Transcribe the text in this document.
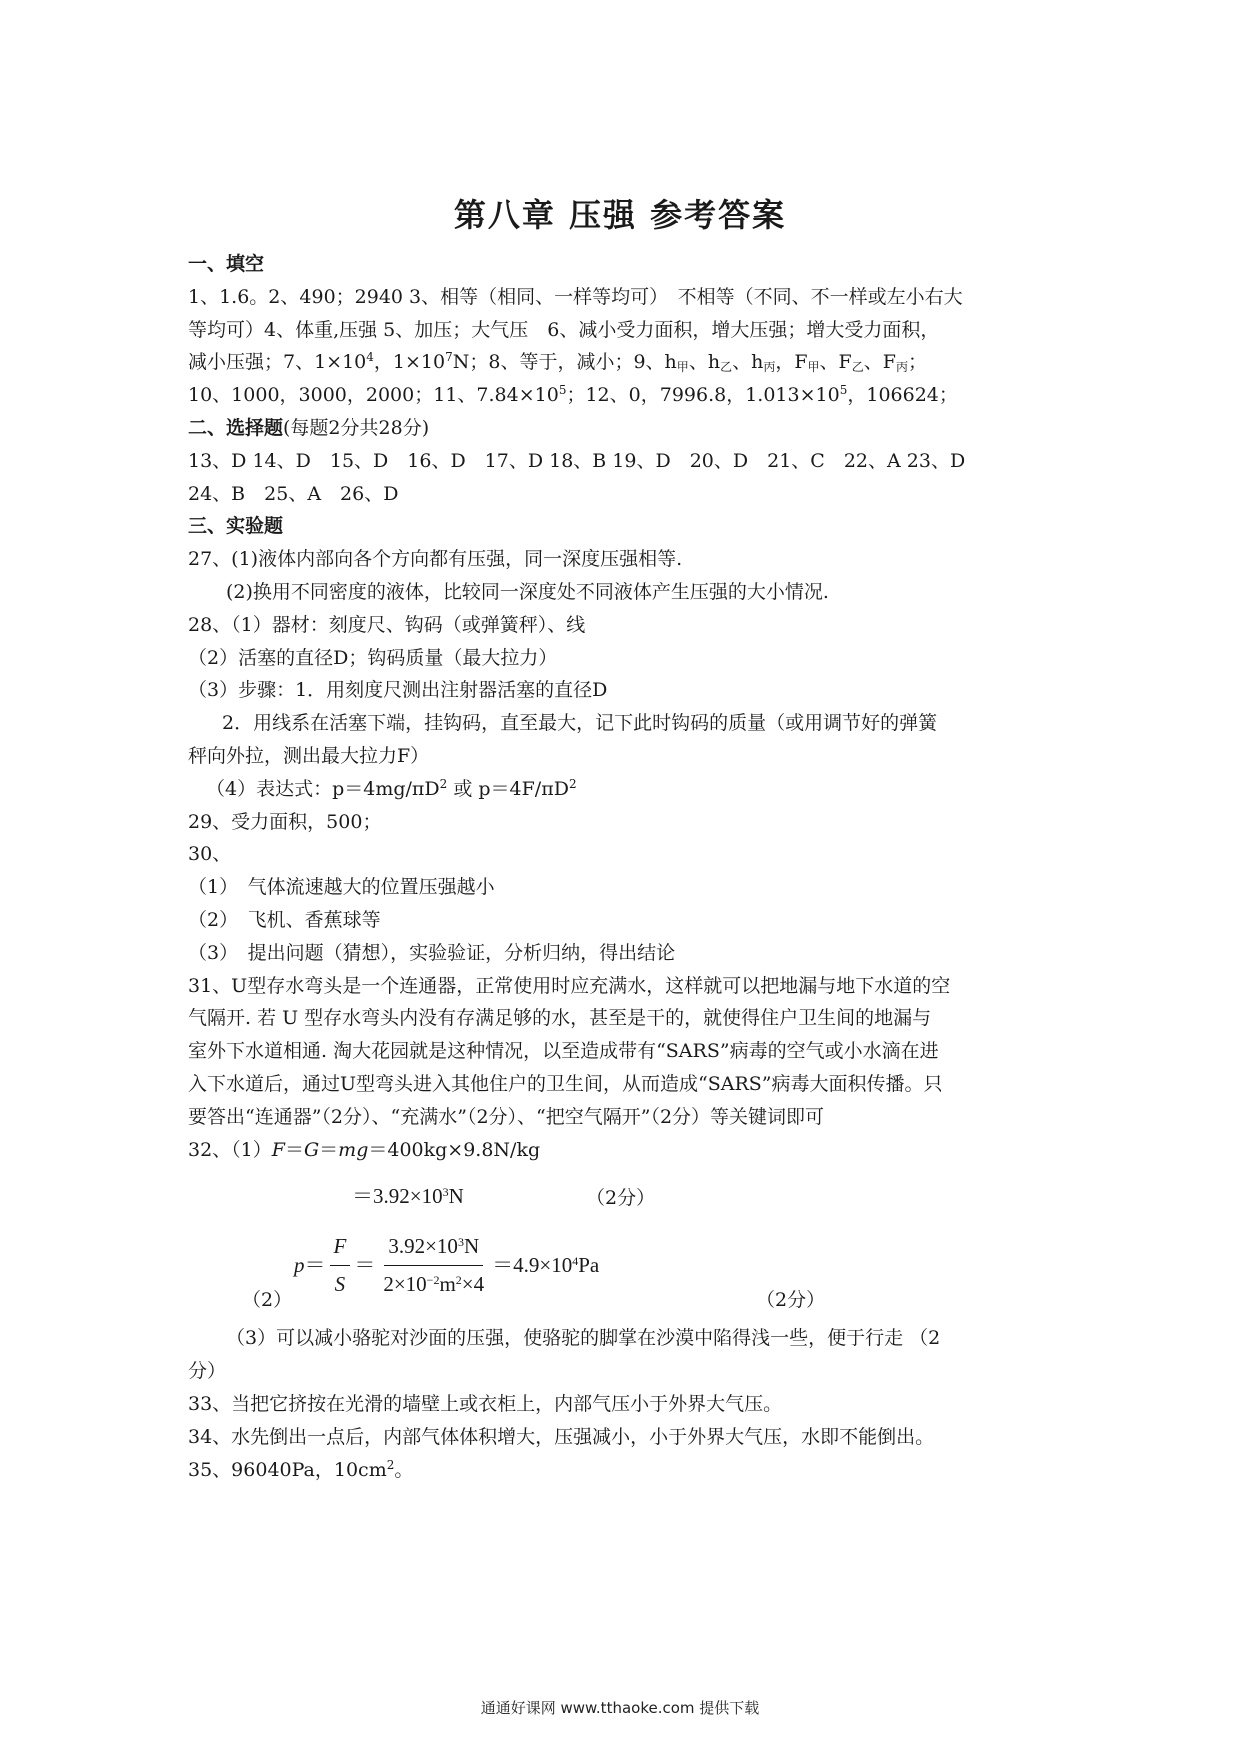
第八章 压强 参考答案
一、填空
1、1.6。2、490；2940 3、相等（相同、一样等均可）　不相等（不同、不一样或左小右大
等均可）4、体重,压强 5、加压；大气压　6、减小受力面积，增大压强；增大受力面积，
减小压强；7、$1\times 10^4$，$1\times 10^7N$；8、等于，减小；9、$h_甲$、$h_乙$、$h_丙$，$F_甲$、$F_乙$、$F_丙$；
10、1000，3000，2000；11、$7.84\times 10^5$；12、0，7996.8，$1.013\times 10^5$，106624；
二、选择题(每题2分共28分)
13、D 14、D　15、D　16、D　17、D 18、B 19、D　20、D　21、C　22、A 23、D
24、B　25、A　26、D
三、实验题
27、(1)液体内部向各个方向都有压强，同一深度压强相等.
(2)换用不同密度的液体，比较同一深度处不同液体产生压强的大小情况.
28、（1）器材：刻度尺、钩码（或弹簧秤）、线
（2）活塞的直径D；钩码质量（最大拉力）
（3）步骤：1．用刻度尺测出注射器活塞的直径D
2．用线系在活塞下端，挂钩码，直至最大，记下此时钩码的质量（或用调节好的弹簧
秤向外拉，测出最大拉力F）
（4）表达式：$p=4mg/\pi D^2$ 或 $p=4F/\pi D^2$
29、受力面积，500；
30、
（1）　气体流速越大的位置压强越小
（2）　飞机、香蕉球等
（3）　提出问题（猜想），实验验证，分析归纳，得出结论
31、U型存水弯头是一个连通器，正常使用时应充满水，这样就可以把地漏与地下水道的空
气隔开. 若 U 型存水弯头内没有存满足够的水，甚至是干的，就使得住户卫生间的地漏与
室外下水道相通. 淘大花园就是这种情况，以至造成带有“SARS”病毒的空气或小水滴在进
入下水道后，通过U型弯头进入其他住户的卫生间，从而造成“SARS”病毒大面积传播。只
要答出“连通器”（2分）、“充满水”（2分）、“把空气隔开”（2分）等关键词即可
32、（1）F＝G＝mg＝400kg×9.8N/kg
$=3.92\times 10^3N$	（2分）
（2）
$p = \frac{F}{S} = \frac{3.92\times 10^3N}{2\times 10^{-2}m^2\times 4} =4.9\times 10^4Pa$
（2分）
（3）可以减小骆驼对沙面的压强，使骆驼的脚掌在沙漠中陷得浅一些，便于行走 （2
分）
33、当把它挤按在光滑的墙壁上或衣柜上，内部气压小于外界大气压。
34、水先倒出一点后，内部气体体积增大，压强减小，小于外界大气压，水即不能倒出。
35、96040Pa，$10cm^2$。
通通好课网 www.tthaoke.com 提供下载
